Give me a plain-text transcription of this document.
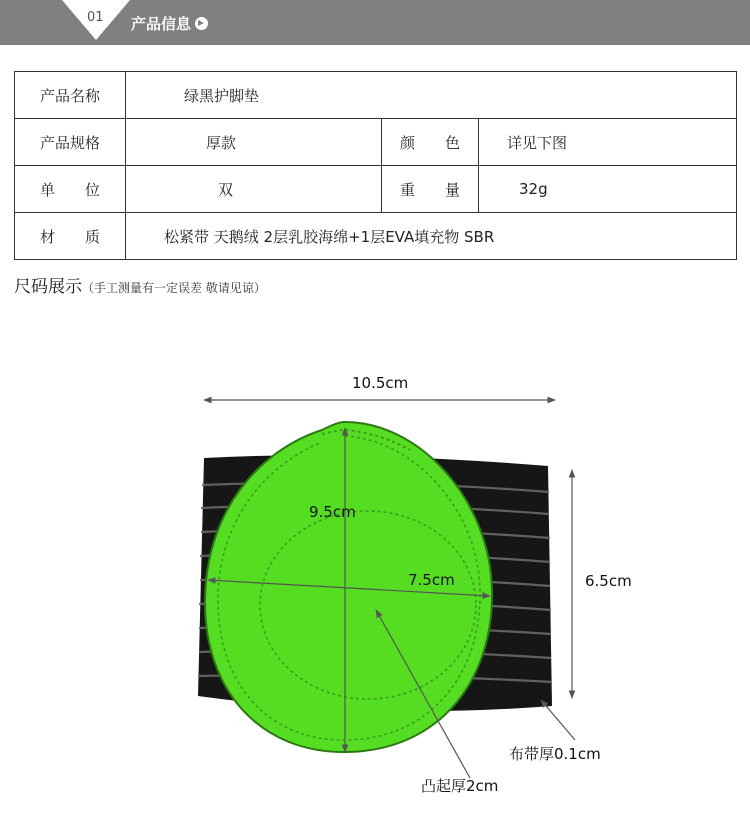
01 产品信息
产品名称	绿黑护脚垫		
产品规格	厚款	颜　　色	详见下图
单　　位	双	重　　量	32g
材　　质	松紧带 天鹅绒 2层乳胶海绵+1层EVA填充物 SBR		
尺码展示（手工测量有一定误差 敬请见谅）
10.5cm
9.5cm
7.5cm	6.5cm
布带厚0.1cm
凸起厚2cm
